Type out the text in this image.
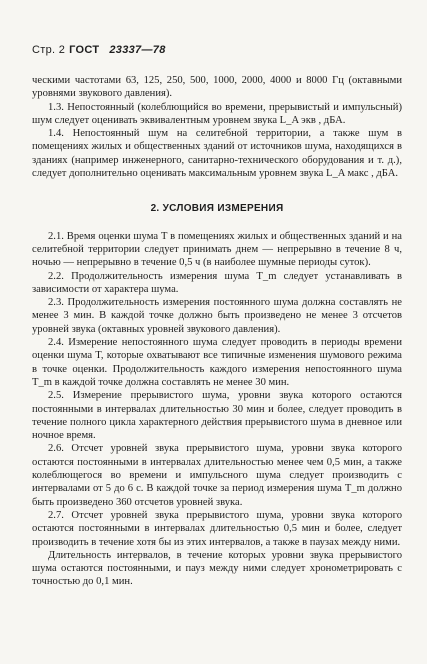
Стр. 2 ГОСТ 23337—78

ческими частотами 63, 125, 250, 500, 1000, 2000, 4000 и 8000 Гц (октавными уровнями звукового давления).

1.3. Непостоянный (колеблющийся во времени, прерывистый и импульсный) шум следует оценивать эквивалентным уровнем звука L_A экв , дБА.

1.4. Непостоянный шум на селитебной территории, а также шум в помещениях жилых и общественных зданий от источников шума, находящихся в зданиях (например инженерного, санитарно-технического оборудования и т. д.), следует дополнительно оценивать максимальным уровнем звука L_A макс , дБА.

2. УСЛОВИЯ ИЗМЕРЕНИЯ

2.1. Время оценки шума T в помещениях жилых и общественных зданий и на селитебной территории следует принимать днем — непрерывно в течение 8 ч, ночью — непрерывно в течение 0,5 ч (в наиболее шумные периоды суток).

2.2. Продолжительность измерения шума T_m следует устанавливать в зависимости от характера шума.

2.3. Продолжительность измерения постоянного шума должна составлять не менее 3 мин. В каждой точке должно быть произведено не менее 3 отсчетов уровней звука (октавных уровней звукового давления).

2.4. Измерение непостоянного шума следует проводить в периоды времени оценки шума T, которые охватывают все типичные изменения шумового режима в точке оценки. Продолжительность каждого измерения непостоянного шума T_m в каждой точке должна составлять не менее 30 мин.

2.5. Измерение прерывистого шума, уровни звука которого остаются постоянными в интервалах длительностью 30 мин и более, следует проводить в течение полного цикла характерного действия прерывистого шума в дневное или ночное время.

2.6. Отсчет уровней звука прерывистого шума, уровни звука которого остаются постоянными в интервалах длительностью менее чем 0,5 мин, а также колеблющегося во времени и импульсного шума следует производить с интервалами от 5 до 6 с. В каждой точке за период измерения шума T_m должно быть произведено 360 отсчетов уровней звука.

2.7. Отсчет уровней звука прерывистого шума, уровни звука которого остаются постоянными в интервалах длительностью 0,5 мин и более, следует производить в течение хотя бы из этих интервалов, а также в паузах между ними.

Длительность интервалов, в течение которых уровни звука прерывистого шума остаются постоянными, и пауз между ними следует хронометрировать с точностью до 0,1 мин.
